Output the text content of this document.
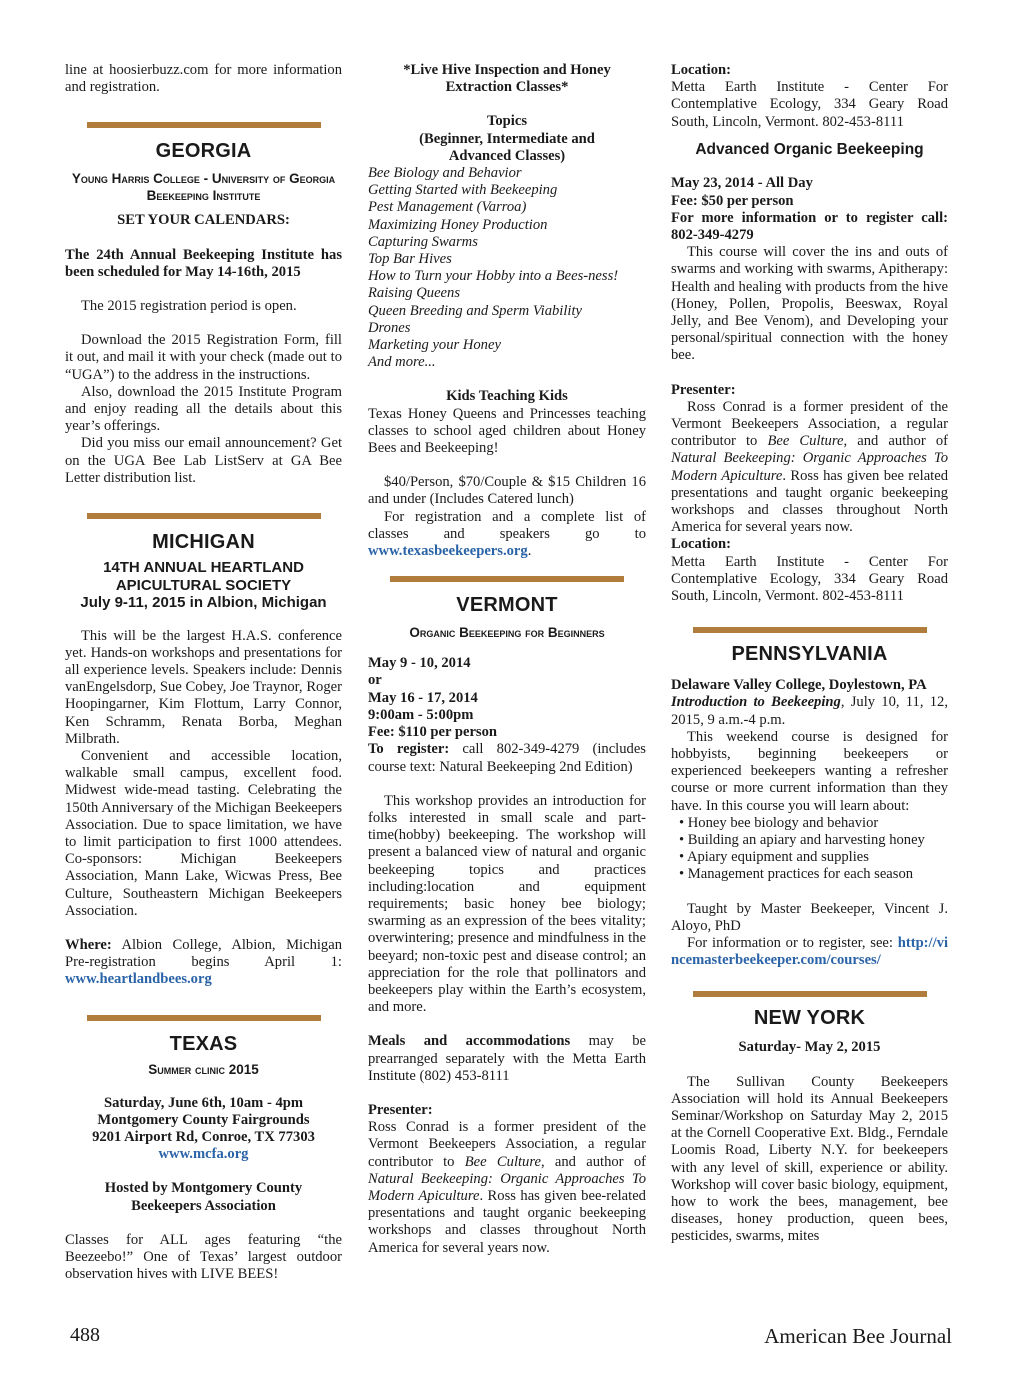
line at hoosierbuzz.com for more information and registration.

GEORGIA
Young Harris College - University of Georgia Beekeeping Institute

SET YOUR CALENDARS:

The 24th Annual Beekeeping Institute has been scheduled for May 14-16th, 2015

The 2015 registration period is open.

Download the 2015 Registration Form, fill it out, and mail it with your check (made out to “UGA”) to the address in the instructions.

Also, download the 2015 Institute Program and enjoy reading all the details about this year’s offerings.

Did you miss our email announcement? Get on the UGA Bee Lab ListServ at GA Bee Letter distribution list.

MICHIGAN
14TH ANNUAL HEARTLAND APICULTURAL SOCIETY
July 9-11, 2015 in Albion, Michigan

This will be the largest H.A.S. conference yet. Hands-on workshops and presentations for all experience levels. Speakers include: Dennis vanEngelsdorp, Sue Cobey, Joe Traynor, Roger Hoopingarner, Kim Flottum, Larry Connor, Ken Schramm, Renata Borba, Meghan Milbrath.

Convenient and accessible location, walkable small campus, excellent food. Midwest wide-mead tasting. Celebrating the 150th Anniversary of the Michigan Beekeepers Association. Due to space limitation, we have to limit participation to first 1000 attendees. Co-sponsors: Michigan Beekeepers Association, Mann Lake, Wicwas Press, Bee Culture, Southeastern Michigan Beekeepers Association.

Where: Albion College, Albion, Michigan Pre-registration begins April 1: www.heartlandbees.org

TEXAS
Summer clinic 2015

Saturday, June 6th, 10am - 4pm

Montgomery County Fairgrounds

9201 Airport Rd, Conroe, TX 77303

www.mcfa.org

Hosted by Montgomery County Beekeepers Association

Classes for ALL ages featuring “the Beezeebo!” One of Texas’ largest outdoor observation hives with LIVE BEES!

*Live Hive Inspection and Honey Extraction Classes*

Topics

(Beginner, Intermediate and Advanced Classes)

Bee Biology and Behavior
Getting Started with Beekeeping
Pest Management (Varroa)
Maximizing Honey Production
Capturing Swarms
Top Bar Hives
How to Turn your Hobby into a Bees-ness!
Raising Queens
Queen Breeding and Sperm Viability
Drones
Marketing your Honey
And more...

Kids Teaching Kids

Texas Honey Queens and Princesses teaching classes to school aged children about Honey Bees and Beekeeping!

$40/Person, $70/Couple & $15 Children 16 and under (Includes Catered lunch)

For registration and a complete list of classes and speakers go to www.texasbeekeepers.org.

VERMONT
Organic Beekeeping for Beginners

May 9 - 10, 2014

or

May 16 - 17, 2014

9:00am - 5:00pm

Fee: $110 per person

To register: call 802-349-4279 (includes course text: Natural Beekeeping 2nd Edition)

This workshop provides an introduction for folks interested in small scale and part-time(hobby) beekeeping. The workshop will present a balanced view of natural and organic beekeeping topics and practices including:location and equipment requirements; basic honey bee biology; swarming as an expression of the bees vitality; overwintering; presence and mindfulness in the beeyard; non-toxic pest and disease control; an appreciation for the role that pollinators and beekeepers play within the Earth’s ecosystem, and more.

Meals and accommodations may be prearranged separately with the Metta Earth Institute (802) 453-8111

Presenter:

Ross Conrad is a former president of the Vermont Beekeepers Association, a regular contributor to Bee Culture, and author of Natural Beekeeping: Organic Approaches To Modern Apiculture. Ross has given bee-related presentations and taught organic beekeeping workshops and classes throughout North America for several years now.

Location:

Metta Earth Institute - Center For Contemplative Ecology, 334 Geary Road South, Lincoln, Vermont. 802-453-8111

Advanced Organic Beekeeping

May 23, 2014 - All Day

Fee: $50 per person

For more information or to register call: 802-349-4279

This course will cover the ins and outs of swarms and working with swarms, Apitherapy: Health and healing with products from the hive (Honey, Pollen, Propolis, Beeswax, Royal Jelly, and Bee Venom), and Developing your personal/spiritual connection with the honey bee.

Presenter:

Ross Conrad is a former president of the Vermont Beekeepers Association, a regular contributor to Bee Culture, and author of Natural Beekeeping: Organic Approaches To Modern Apiculture. Ross has given bee related presentations and taught organic beekeeping workshops and classes throughout North America for several years now.

Location:

Metta Earth Institute - Center For Contemplative Ecology, 334 Geary Road South, Lincoln, Vermont. 802-453-8111

PENNSYLVANIA

Delaware Valley College, Doylestown, PA

Introduction to Beekeeping, July 10, 11, 12, 2015, 9 a.m.-4 p.m.

This weekend course is designed for hobbyists, beginning beekeepers or experienced beekeepers wanting a refresher course or more current information than they have. In this course you will learn about:

• Honey bee biology and behavior
• Building an apiary and harvesting honey
• Apiary equipment and supplies
• Management practices for each season

Taught by Master Beekeeper, Vincent J. Aloyo, PhD

For information or to register, see: http://vincemasterbeekeeper.com/courses/

NEW YORK

Saturday- May 2, 2015

The Sullivan County Beekeepers Association will hold its Annual Beekeepers Seminar/Workshop on Saturday May 2, 2015 at the Cornell Cooperative Ext. Bldg., Ferndale Loomis Road, Liberty N.Y. for beekeepers with any level of skill, experience or ability. Workshop will cover basic biology, equipment, how to work the bees, management, bee diseases, honey production, queen bees, pesticides, swarms, mites

488	American Bee Journal
